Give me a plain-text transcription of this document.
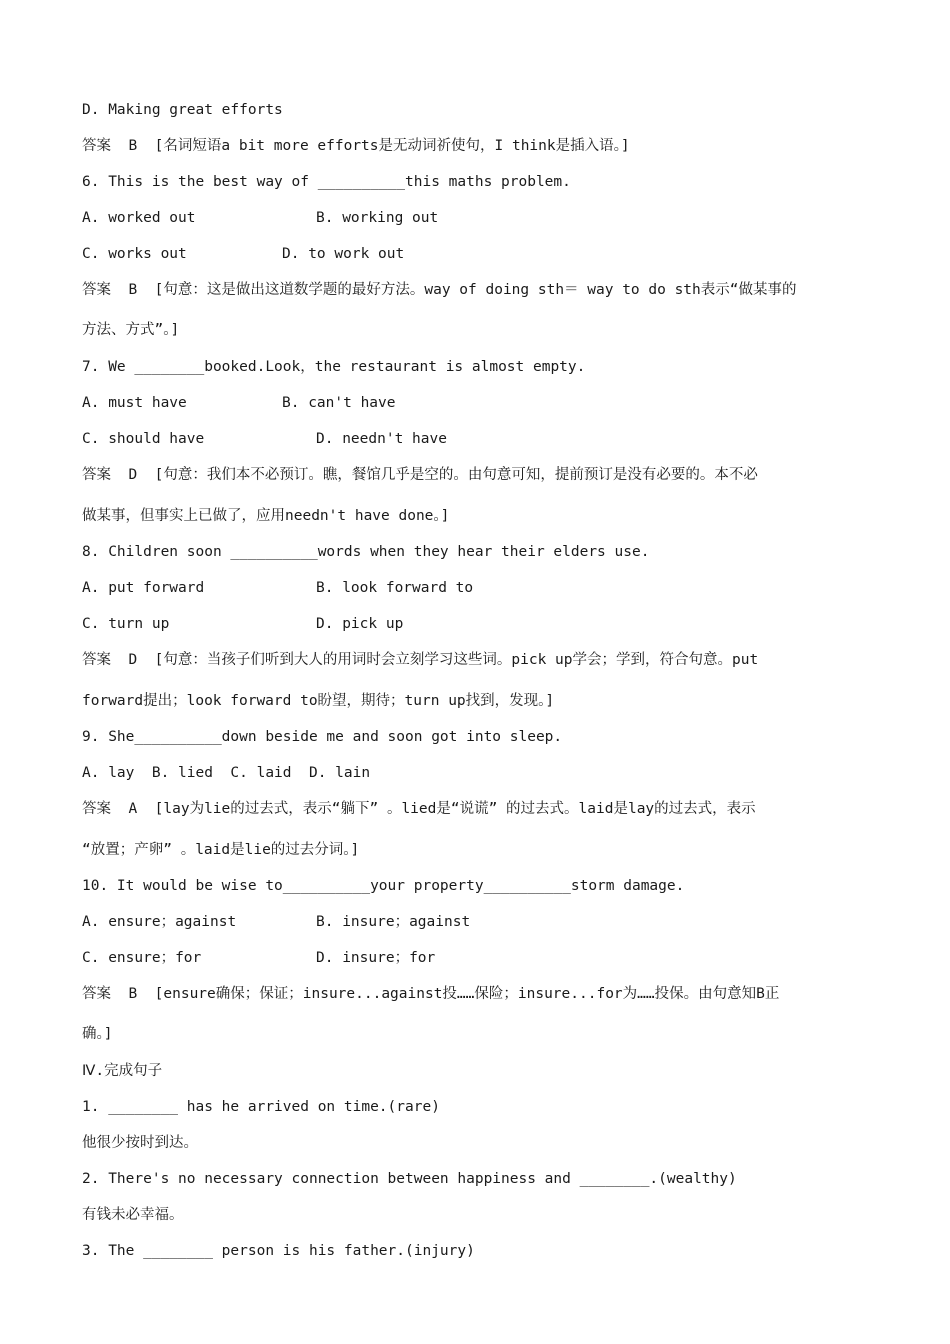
D. Making great efforts
答案  B  [名词短语a bit more efforts是无动词祈使句，I think是插入语。]
6. This is the best way of __________this maths problem.
A. worked out	B. working out
C. works out	D. to work out
答案  B  [句意：这是做出这道数学题的最好方法。way of doing sth＝ way to do sth表示“做某事的
方法、方式”。]
7. We ________booked.Look，the restaurant is almost empty.
A. must have	B. can't have
C. should have	D. needn't have
答案  D  [句意：我们本不必预订。瞧，餐馆几乎是空的。由句意可知，提前预订是没有必要的。本不必
做某事，但事实上已做了，应用needn't have done。]
8. Children soon __________words when they hear their elders use.
A. put forward	B. look forward to
C. turn up	D. pick up
答案  D  [句意：当孩子们听到大人的用词时会立刻学习这些词。pick up学会；学到，符合句意。put
forward提出；look forward to盼望，期待；turn up找到，发现。]
9. She__________down beside me and soon got into sleep.
A. lay  B. lied  C. laid  D. lain
答案  A  [lay为lie的过去式，表示“躺下” 。lied是“说谎” 的过去式。laid是lay的过去式，表示
“放置；产卵” 。laid是lie的过去分词。]
10. It would be wise to__________your property__________storm damage.
A. ensure；against	B. insure；against
C. ensure；for	D. insure；for
答案  B  [ensure确保；保证；insure...against投……保险；insure...for为……投保。由句意知B正
确。]
Ⅳ.完成句子
1. ________ has he arrived on time.(rare)
他很少按时到达。
2. There's no necessary connection between happiness and ________.(wealthy)
有钱未必幸福。
3. The ________ person is his father.(injury)
